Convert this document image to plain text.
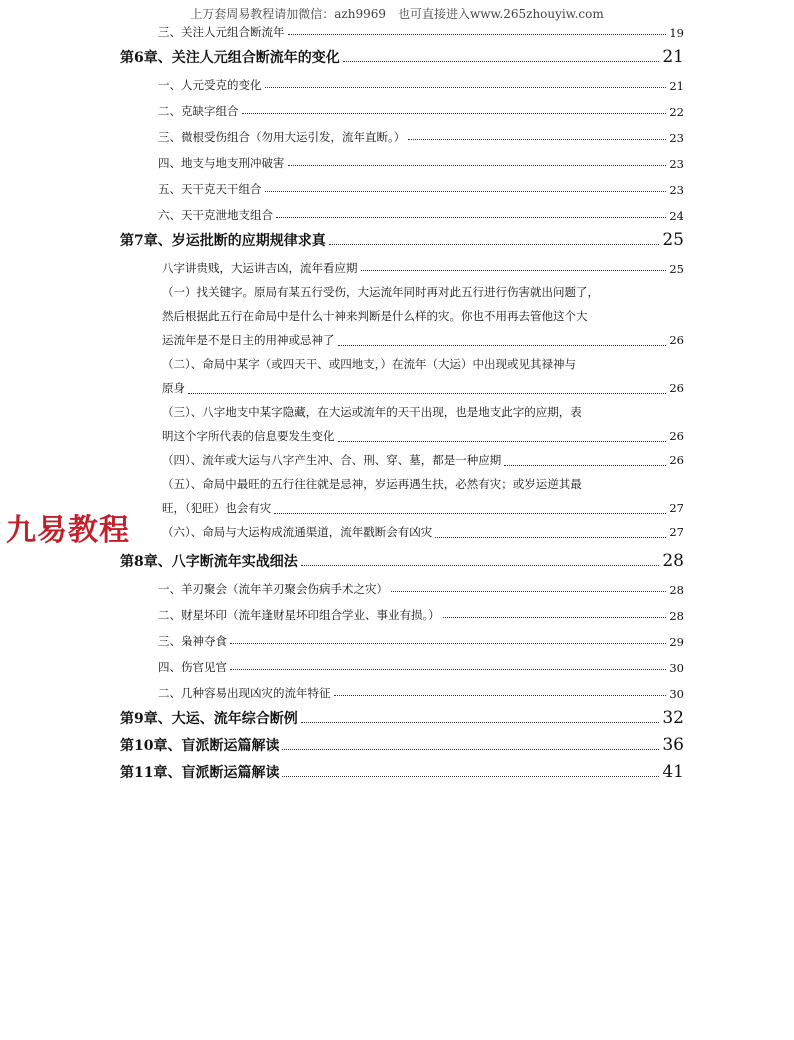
上万套周易教程请加微信：azh9969　也可直接进入www.265zhouyiw.com
九易教程
三、关注人元组合断流年	19
第6章、关注人元组合断流年的变化	21
一、人元受克的变化	21
二、克缺字组合	22
三、微根受伤组合（勿用大运引发，流年直断。）	23
四、地支与地支刑冲破害	23
五、天干克天干组合	23
六、天干克泄地支组合	24
第7章、岁运批断的应期规律求真	25
八字讲贵贱，大运讲吉凶，流年看应期	25
（一）找关键字。原局有某五行受伤，大运流年同时再对此五行进行伤害就出问题了，
然后根据此五行在命局中是什么十神来判断是什么样的灾。你也不用再去管他这个大
运流年是不是日主的用神或忌神了	26
（二）、命局中某字（或四天干、或四地支，）在流年（大运）中出现或见其禄神与
原身	26
（三）、八字地支中某字隐藏，在大运或流年的天干出现，也是地支此字的应期，表
明这个字所代表的信息要发生变化	26
（四）、流年或大运与八字产生冲、合、刑、穿、墓，都是一种应期	26
（五）、命局中最旺的五行往往就是忌神，岁运再遇生扶，必然有灾；或岁运逆其最
旺，（犯旺）也会有灾	27
（六）、命局与大运构成流通渠道，流年戳断会有凶灾	27
第8章、八字断流年实战细法	28
一、羊刃聚会（流年羊刃聚会伤病手术之灾）	28
二、财星坏印（流年逢财星坏印组合学业、事业有损。）	28
三、枭神夺食	29
四、伤官见官	30
二、几种容易出现凶灾的流年特征	30
第9章、大运、流年综合断例	32
第10章、盲派断运篇解读	36
第11章、盲派断运篇解读	41
